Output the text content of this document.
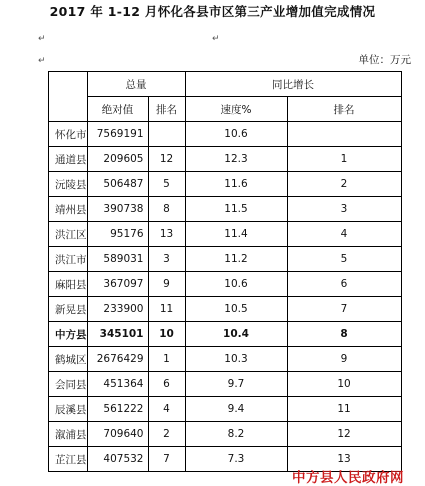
2017 年 1-12 月怀化各县市区第三产业增加值完成情况
↵	↵
↵	单位：万元
	总量		同比增长	
	绝对值	排名	速度%	排名
怀化市	7569191		10.6	
通道县	209605	12	12.3	1
沅陵县	506487	5	11.6	2
靖州县	390738	8	11.5	3
洪江区	95176	13	11.4	4
洪江市	589031	3	11.2	5
麻阳县	367097	9	10.6	6
新晃县	233900	11	10.5	7
中方县	345101	10	10.4	8
鹤城区	2676429	1	10.3	9
会同县	451364	6	9.7	10
辰溪县	561222	4	9.4	11
溆浦县	709640	2	8.2	12
芷江县	407532	7	7.3	13
中方县人民政府网
